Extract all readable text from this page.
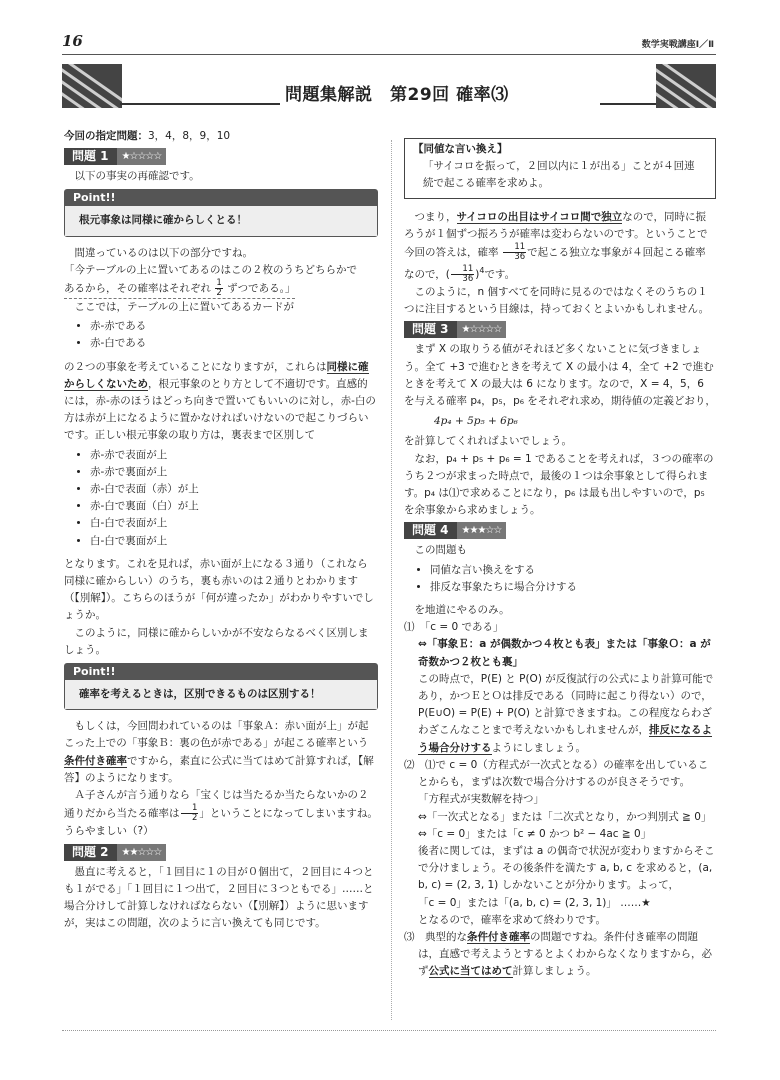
16	数学実戦講座Ⅰ／Ⅱ
問題集解説　第29回 確率⑶

今回の指定問題：3，4，8，9，10

問題 1	★☆☆☆☆

以下の事実の再確認です。

Point!!
根元事象は同様に確からしくとる！

間違っているのは以下の部分ですね。

「今テーブルの上に置いてあるのはこの２枚のうちどちらかで

あるから，その確率はそれぞれ $\frac{1}{2}$ ずつである。」

ここでは，テーブルの上に置いてあるカードが

• 赤-赤である
• 赤-白である

の２つの事象を考えていることになりますが，これらは同様に確からしくないため，根元事象のとり方として不適切です。直感的には，赤-赤のほうはどっち向きで置いてもいいのに対し，赤-白の方は赤が上になるように置かなければいけないので起こりづらいです。正しい根元事象の取り方は，裏表まで区別して

• 赤-赤で表面が上
• 赤-赤で裏面が上
• 赤-白で表面（赤）が上
• 赤-白で裏面（白）が上
• 白-白で表面が上
• 白-白で裏面が上

となります。これを見れば，赤い面が上になる３通り（これなら同様に確からしい）のうち，裏も赤いのは２通りとわかります（【別解】）。こちらのほうが「何が違ったか」がわかりやすいでしょうか。

このように，同様に確からしいかが不安ならなるべく区別しましょう。

Point!!
確率を考えるときは，区別できるものは区別する！

もしくは，今回問われているのは「事象Ａ：赤い面が上」が起こった上での「事象Ｂ：裏の色が赤である」が起こる確率という条件付き確率ですから，素直に公式に当てはめて計算すれば，【解答】のようになります。

Ａ子さんが言う通りなら「宝くじは当たるか当たらないかの２通りだから当たる確率は $\frac{1}{2}$ 」ということになってしまいますね。うらやましい（?）

問題 2	★★☆☆☆

愚直に考えると，「１回目に１の目が０個出て，２回目に４つとも１がでる」「１回目に１つ出て，２回目に３つともでる」……と場合分けして計算しなければならない（【別解】）ように思いますが，実はこの問題，次のように言い換えても同じです。

【同値な言い換え】
「サイコロを振って，２回以内に１が出る」ことが４回連続で起こる確率を求めよ。

つまり，サイコロの出目はサイコロ間で独立なので，同時に振ろうが１個ずつ振ろうが確率は変わらないのです。ということで今回の答えは，確率 $\frac{11}{36}$ で起こる独立な事象が４回起こる確率なので，( $\frac{11}{36} )^4$です。

このように，n 個すべてを同時に見るのではなくそのうちの１つに注目するという目線は，持っておくとよいかもしれません。

問題 3	★☆☆☆☆

まず X の取りうる値がそれほど多くないことに気づきましょう。全て +3 で進むときを考えて X の最小は 4，全て +2 で進むときを考えて X の最大は 6 になります。なので，X = 4，5，6 を与える確率 p₄，p₅，p₆ をそれぞれ求め，期待値の定義どおり，

4p₄ + 5p₅ + 6p₆

を計算してくれればよいでしょう。

なお，p₄ + p₅ + p₆ = 1 であることを考えれば，３つの確率のうち２つが求まった時点で，最後の１つは余事象として得られます。p₄ は⑴で求めることになり，p₆ は最も出しやすいので，p₅ を余事象から求めましょう。

問題 4	★★★☆☆

この問題も

• 同値な言い換えをする
• 排反な事象たちに場合分けする

を地道にやるのみ。

⑴　「c = 0 である」

⇔「事象Ｅ：a が偶数かつ４枚とも表」または「事象Ｏ：a が奇数かつ２枚とも裏」

この時点で，P(E) と P(O) が反復試行の公式により計算可能であり，かつＥとＯは排反である（同時に起こり得ない）ので，P(E∪O) = P(E) + P(O) と計算できますね。この程度ならわざわざこんなことまで考えないかもしれませんが，排反になるよう場合分けするようにしましょう。

⑵　⑴で c = 0（方程式が一次式となる）の確率を出していることからも，まずは次数で場合分けするのが良さそうです。

「方程式が実数解を持つ」

⇔「一次式となる」または「二次式となり，かつ判別式 ≧ 0」

⇔「c = 0」または「c ≠ 0 かつ b² − 4ac ≧ 0」

後者に関しては，まずは a の偶奇で状況が変わりますからそこで分けましょう。その後条件を満たす a, b, c を求めると，(a, b, c) = (2, 3, 1) しかないことが分かります。よって，

「c = 0」または「(a, b, c) = (2, 3, 1)」 ……★

となるので，確率を求めて終わりです。

⑶　典型的な条件付き確率の問題ですね。条件付き確率の問題は，直感で考えようとするとよくわからなくなりますから，必ず公式に当てはめて計算しましょう。
